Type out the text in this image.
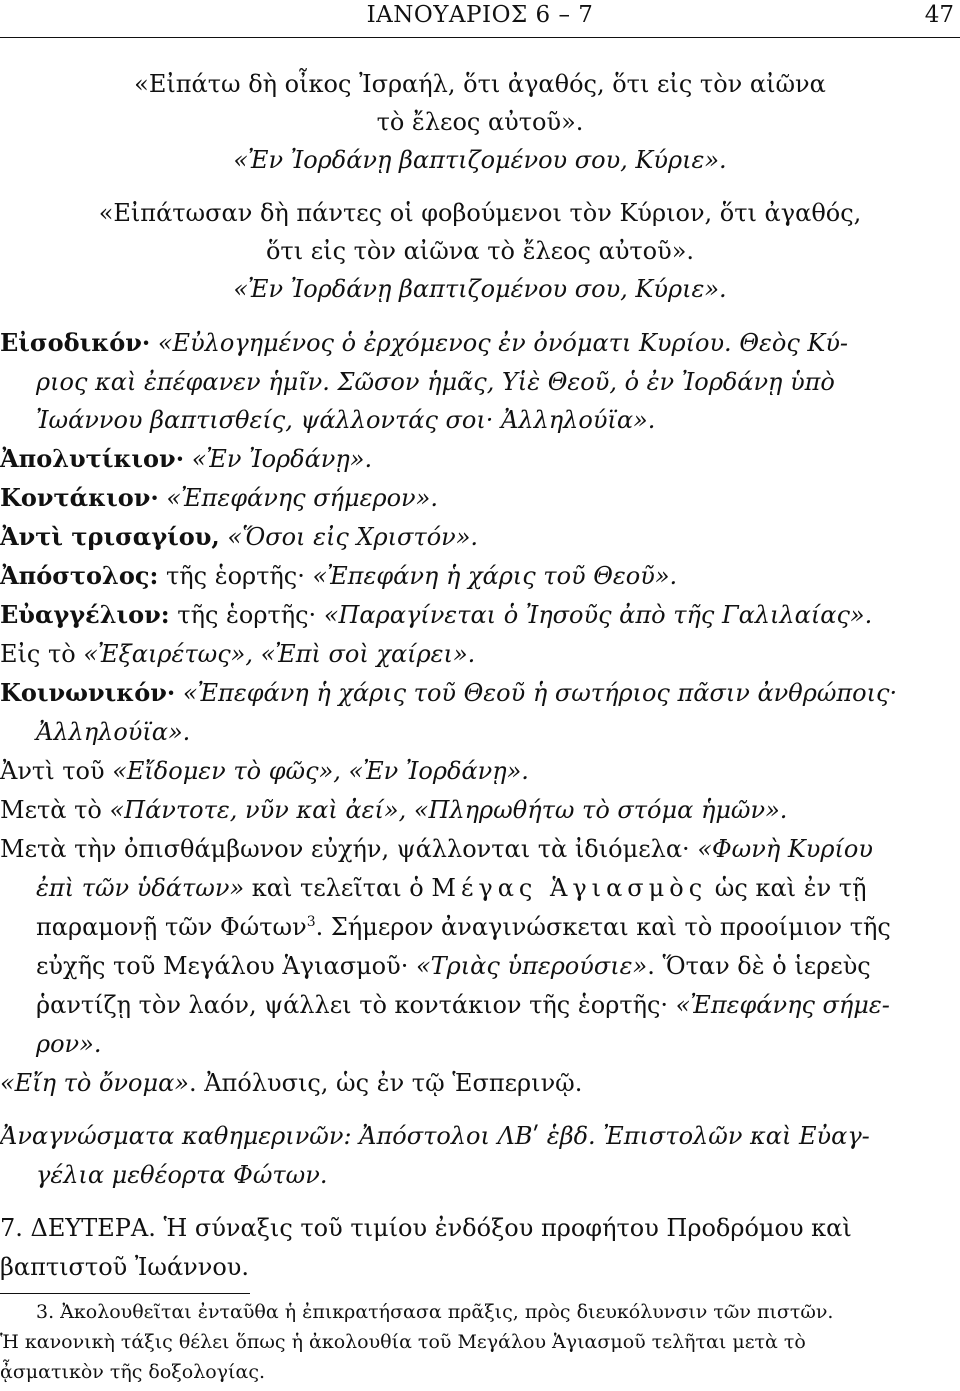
ΙΑΝΟΥΑΡΙΟΣ 6 – 7	47
«Εἰπάτω δὴ οἶκος Ἰσραήλ, ὅτι ἀγαθός, ὅτι εἰς τὸν αἰῶνα
τὸ ἔλεος αὐτοῦ».
«Ἐν Ἰορδάνῃ βαπτιζομένου σου, Κύριε».
«Εἰπάτωσαν δὴ πάντες οἱ φοβούμενοι τὸν Κύριον, ὅτι ἀγαθός,
ὅτι εἰς τὸν αἰῶνα τὸ ἔλεος αὐτοῦ».
«Ἐν Ἰορδάνῃ βαπτιζομένου σου, Κύριε».
Εἰσοδικόν· «Εὐλογημένος ὁ ἐρχόμενος ἐν ὀνόματι Κυρίου. Θεὸς Κύ-
ριος καὶ ἐπέφανεν ἡμῖν. Σῶσον ἡμᾶς, Υἱὲ Θεοῦ, ὁ ἐν Ἰορδάνῃ ὑπὸ
Ἰωάννου βαπτισθείς, ψάλλοντάς σοι· Ἀλληλούϊα».
Ἀπολυτίκιον· «Ἐν Ἰορδάνῃ».
Κοντάκιον· «Ἐπεφάνης σήμερον».
Ἀντὶ τρισαγίου, «Ὅσοι εἰς Χριστόν».
Ἀπόστολος: τῆς ἑορτῆς· «Ἐπεφάνη ἡ χάρις τοῦ Θεοῦ».
Εὐαγγέλιον: τῆς ἑορτῆς· «Παραγίνεται ὁ Ἰησοῦς ἀπὸ τῆς Γαλιλαίας».
Εἰς τὸ «Ἐξαιρέτως», «Ἐπὶ σοὶ χαίρει».
Κοινωνικόν· «Ἐπεφάνη ἡ χάρις τοῦ Θεοῦ ἡ σωτήριος πᾶσιν ἀνθρώποις·
Ἀλληλούϊα».
Ἀντὶ τοῦ «Εἴδομεν τὸ φῶς», «Ἐν Ἰορδάνῃ».
Μετὰ τὸ «Πάντοτε, νῦν καὶ ἀεί», «Πληρωθήτω τὸ στόμα ἡμῶν».
Μετὰ τὴν ὀπισθάμβωνον εὐχήν, ψάλλονται τὰ ἰδιόμελα· «Φωνὴ Κυρίου
ἐπὶ τῶν ὑδάτων» καὶ τελεῖται ὁ Μέγας Ἁγιασμὸς ὡς καὶ ἐν τῇ
παραμονῇ τῶν Φώτων$^3$. Σήμερον ἀναγινώσκεται καὶ τὸ προοίμιον τῆς
εὐχῆς τοῦ Μεγάλου Ἁγιασμοῦ· «Τριὰς ὑπερούσιε». Ὅταν δὲ ὁ ἱερεὺς
ῥαντίζῃ τὸν λαόν, ψάλλει τὸ κοντάκιον τῆς ἑορτῆς· «Ἐπεφάνης σήμε-
ρον».
«Εἴη τὸ ὄνομα». Ἀπόλυσις, ὡς ἐν τῷ Ἑσπερινῷ.
Ἀναγνώσματα καθημερινῶν: Ἀπόστολοι ΛΒʹ ἑβδ. Ἐπιστολῶν καὶ Εὐαγ-
γέλια μεθέορτα Φώτων.
7. ΔΕΥΤΕΡΑ. Ἡ σύναξις τοῦ τιμίου ἐνδόξου προφήτου Προδρόμου καὶ
βαπτιστοῦ Ἰωάννου.
3. Ἀκολουθεῖται ἐνταῦθα ἡ ἐπικρατήσασα πρᾶξις, πρὸς διευκόλυνσιν τῶν πιστῶν.
Ἡ κανονικὴ τάξις θέλει ὅπως ἡ ἀκολουθία τοῦ Μεγάλου Ἁγιασμοῦ τελῆται μετὰ τὸ
ᾆσματικὸν τῆς δοξολογίας.
